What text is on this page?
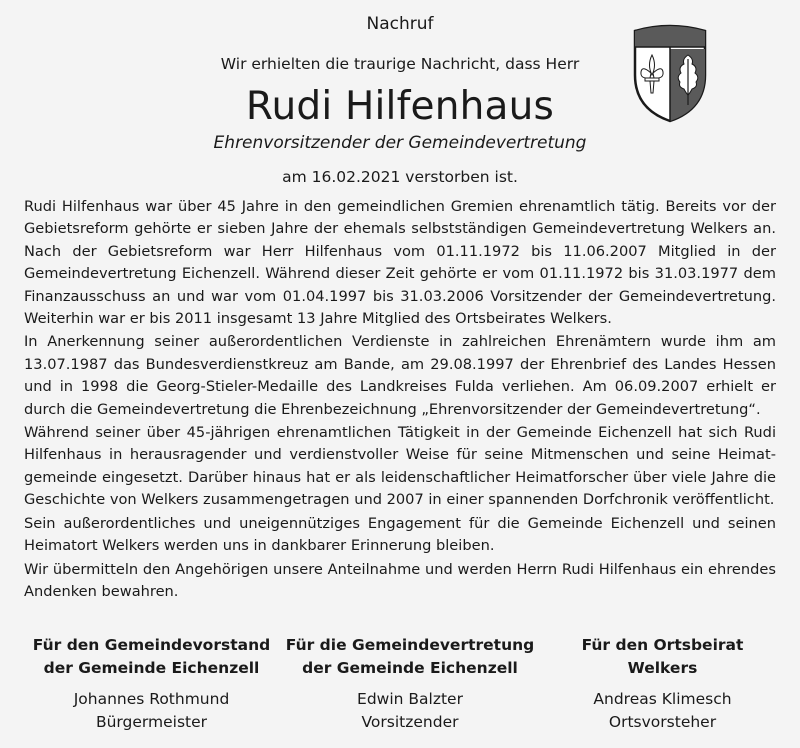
Nachruf
Wir erhielten die traurige Nachricht, dass Herr
Rudi Hilfenhaus
Ehrenvorsitzender der Gemeindevertretung
am 16.02.2021 verstorben ist.

Rudi Hilfenhaus war über 45 Jahre in den gemeindlichen Gremien ehrenamtlich tätig. Bereits vor der Gebietsreform gehörte er sieben Jahre der ehemals selbstständigen Gemeindevertretung Welkers an. Nach der Gebietsreform war Herr Hilfenhaus vom 01.11.1972 bis 11.06.2007 Mitglied in der Gemeindevertretung Eichenzell. Während dieser Zeit gehörte er vom 01.11.1972 bis 31.03.1977 dem Finanzausschuss an und war vom 01.04.1997 bis 31.03.2006 Vorsitzender der Gemeindevertretung. Weiterhin war er bis 2011 insgesamt 13 Jahre Mitglied des Ortsbeirates Welkers.

In Anerkennung seiner außerordentlichen Verdienste in zahlreichen Ehrenämtern wurde ihm am 13.07.1987 das Bundesverdienstkreuz am Bande, am 29.08.1997 der Ehrenbrief des Landes Hessen und in 1998 die Georg-Stieler-Medaille des Landkreises Fulda verliehen. Am 06.09.2007 erhielt er durch die Gemeindevertretung die Ehrenbezeichnung „Ehrenvorsitzender der Gemeindevertretung“.

Während seiner über 45-jährigen ehrenamtlichen Tätigkeit in der Gemeinde Eichenzell hat sich Rudi Hilfenhaus in herausragender und verdienstvoller Weise für seine Mitmenschen und seine Heimatgemeinde eingesetzt. Darüber hinaus hat er als leidenschaftlicher Heimatforscher über viele Jahre die Geschichte von Welkers zusammengetragen und 2007 in einer spannenden Dorfchronik veröffentlicht.

Sein außerordentliches und uneigennütziges Engagement für die Gemeinde Eichenzell und seinen Heimatort Welkers werden uns in dankbarer Erinnerung bleiben.

Wir übermitteln den Angehörigen unsere Anteilnahme und werden Herrn Rudi Hilfenhaus ein ehrendes Andenken bewahren.

Für den Gemeindevorstand
der Gemeinde Eichenzell
Johannes Rothmund
Bürgermeister
Für die Gemeindevertretung
der Gemeinde Eichenzell
Edwin Balzter
Vorsitzender
Für den Ortsbeirat
Welkers
Andreas Klimesch
Ortsvorsteher
